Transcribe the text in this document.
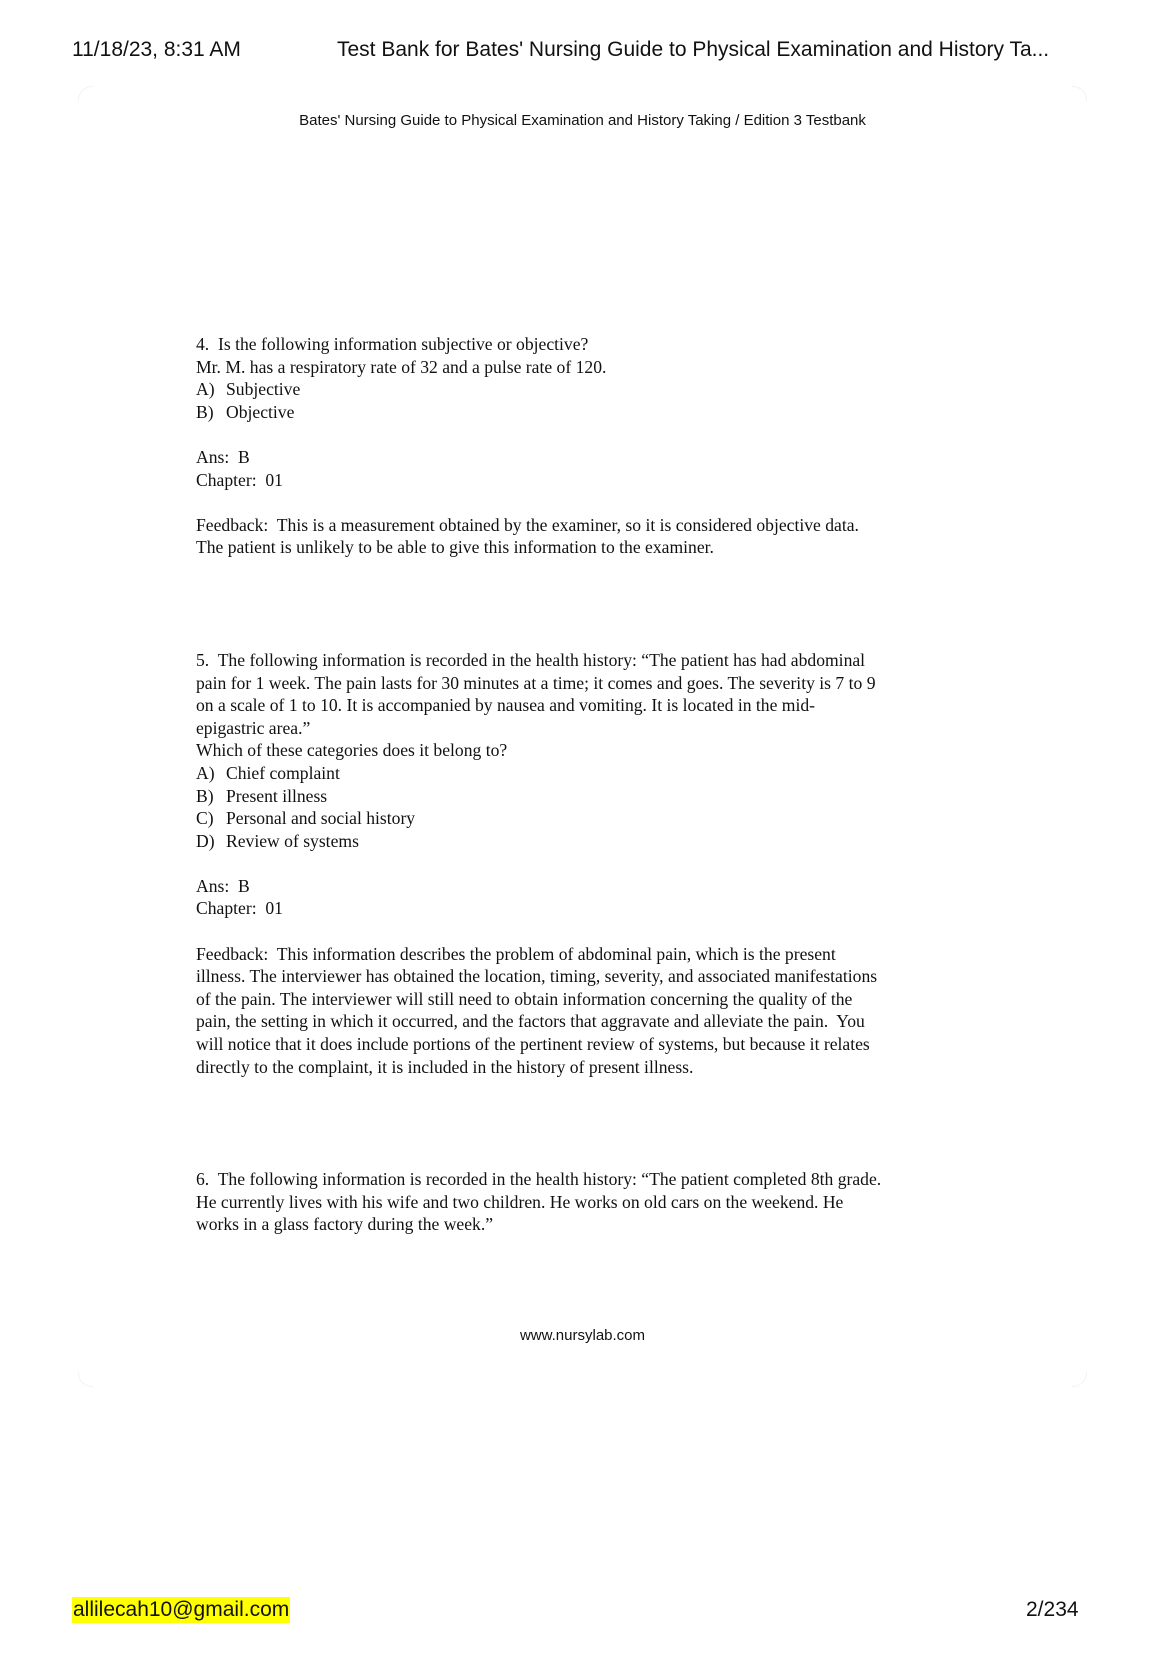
11/18/23, 8:31 AM	Test Bank for Bates' Nursing Guide to Physical Examination and History Ta...
Bates' Nursing Guide to Physical Examination and History Taking / Edition 3 Testbank

4. Is the following information subjective or objective?

Mr. M. has a respiratory rate of 32 and a pulse rate of 120.

A) Subjective
B) Objective

Ans:  B

Chapter:  01

Feedback:  This is a measurement obtained by the examiner, so it is considered objective data.

The patient is unlikely to be able to give this information to the examiner.

5. The following information is recorded in the health history: “The patient has had abdominal

pain for 1 week. The pain lasts for 30 minutes at a time; it comes and goes. The severity is 7 to 9

on a scale of 1 to 10. It is accompanied by nausea and vomiting. It is located in the mid-

epigastric area.”

Which of these categories does it belong to?

A) Chief complaint
B) Present illness
C) Personal and social history
D) Review of systems

Ans:  B

Chapter:  01

Feedback:  This information describes the problem of abdominal pain, which is the present

illness. The interviewer has obtained the location, timing, severity, and associated manifestations

of the pain. The interviewer will still need to obtain information concerning the quality of the

pain, the setting in which it occurred, and the factors that aggravate and alleviate the pain.  You

will notice that it does include portions of the pertinent review of systems, but because it relates

directly to the complaint, it is included in the history of present illness.

6. The following information is recorded in the health history: “The patient completed 8th grade.

He currently lives with his wife and two children. He works on old cars on the weekend. He

works in a glass factory during the week.”

www.nursylab.com
allilecah10@gmail.com	2/234
